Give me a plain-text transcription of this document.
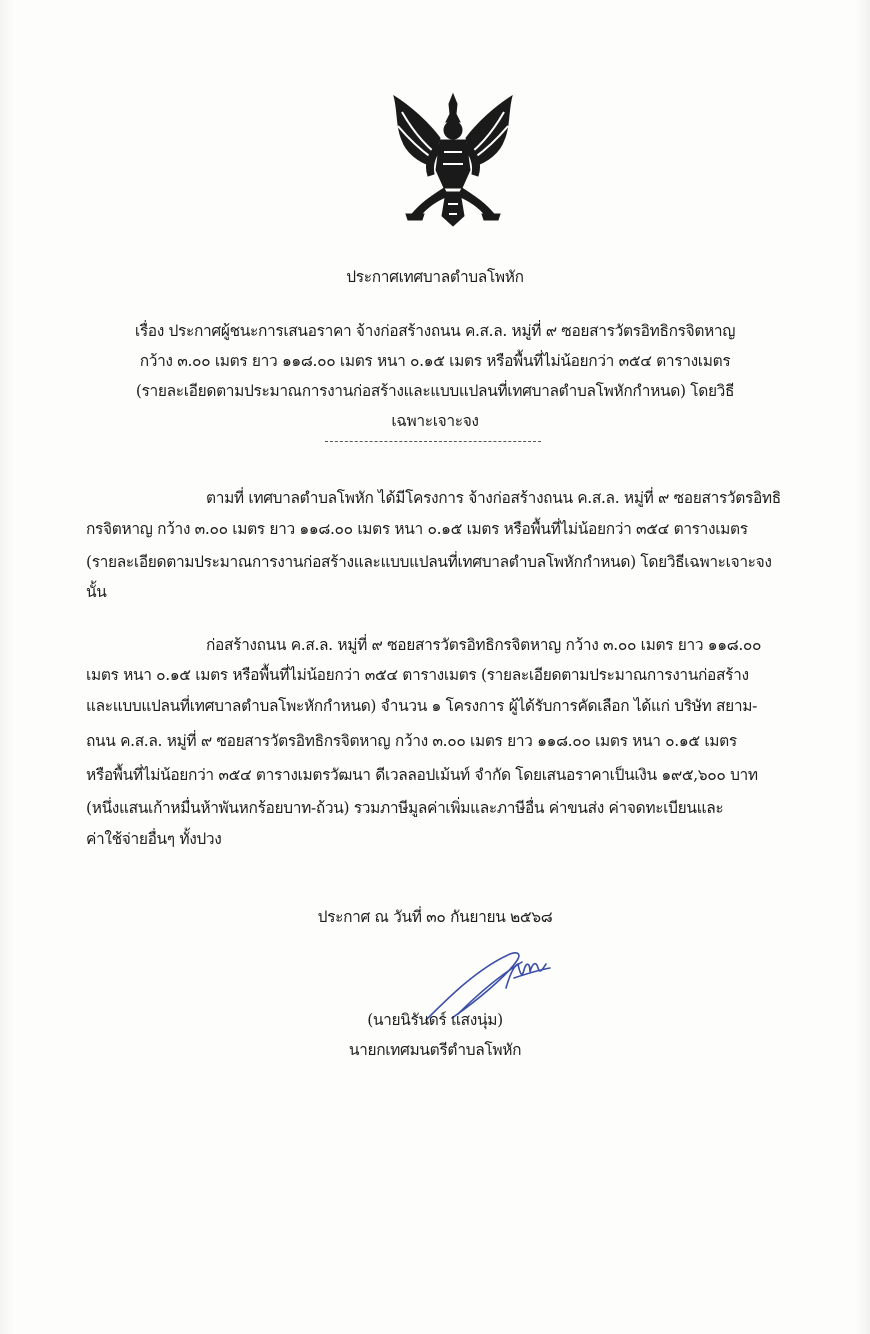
ประกาศเทศบาลตำบลโพหัก
เรื่อง ประกาศผู้ชนะการเสนอราคา จ้างก่อสร้างถนน ค.ส.ล. หมู่ที่ ๙ ซอยสารวัตรอิทธิกรจิตหาญ
กว้าง ๓.๐๐ เมตร ยาว ๑๑๘.๐๐ เมตร หนา ๐.๑๕ เมตร หรือพื้นที่ไม่น้อยกว่า ๓๕๔ ตารางเมตร
(รายละเอียดตามประมาณการงานก่อสร้างและแบบแปลนที่เทศบาลตำบลโพหักกำหนด) โดยวิธี
เฉพาะเจาะจง
ตามที่ เทศบาลตำบลโพหัก ได้มีโครงการ จ้างก่อสร้างถนน ค.ส.ล. หมู่ที่ ๙ ซอยสารวัตรอิทธิ
กรจิตหาญ กว้าง ๓.๐๐ เมตร ยาว ๑๑๘.๐๐ เมตร หนา ๐.๑๕ เมตร หรือพื้นที่ไม่น้อยกว่า ๓๕๔ ตารางเมตร
(รายละเอียดตามประมาณการงานก่อสร้างและแบบแปลนที่เทศบาลตำบลโพหักกำหนด) โดยวิธีเฉพาะเจาะจง
นั้น
ก่อสร้างถนน ค.ส.ล. หมู่ที่ ๙ ซอยสารวัตรอิทธิกรจิตหาญ กว้าง ๓.๐๐ เมตร ยาว ๑๑๘.๐๐
เมตร หนา ๐.๑๕ เมตร หรือพื้นที่ไม่น้อยกว่า ๓๕๔ ตารางเมตร (รายละเอียดตามประมาณการงานก่อสร้าง
และแบบแปลนที่เทศบาลตำบลโพะหักกำหนด) จำนวน ๑ โครงการ ผู้ได้รับการคัดเลือก ได้แก่ บริษัท สยาม-
ถนน ค.ส.ล. หมู่ที่ ๙ ซอยสารวัตรอิทธิกรจิตหาญ กว้าง ๓.๐๐ เมตร ยาว ๑๑๘.๐๐ เมตร หนา ๐.๑๕ เมตร
หรือพื้นที่ไม่น้อยกว่า ๓๕๔ ตารางเมตรวัฒนา ดีเวลลอปเม้นท์ จำกัด โดยเสนอราคาเป็นเงิน ๑๙๕,๖๐๐ บาท
(หนึ่งแสนเก้าหมื่นห้าพันหกร้อยบาท-ถ้วน) รวมภาษีมูลค่าเพิ่มและภาษีอื่น ค่าขนส่ง ค่าจดทะเบียนและ
ค่าใช้จ่ายอื่นๆ ทั้งปวง
ประกาศ ณ วันที่ ๓๐ กันยายน ๒๕๖๘
(นายนิรันดร์ แสงนุ่ม)
นายกเทศมนตรีตำบลโพหัก
